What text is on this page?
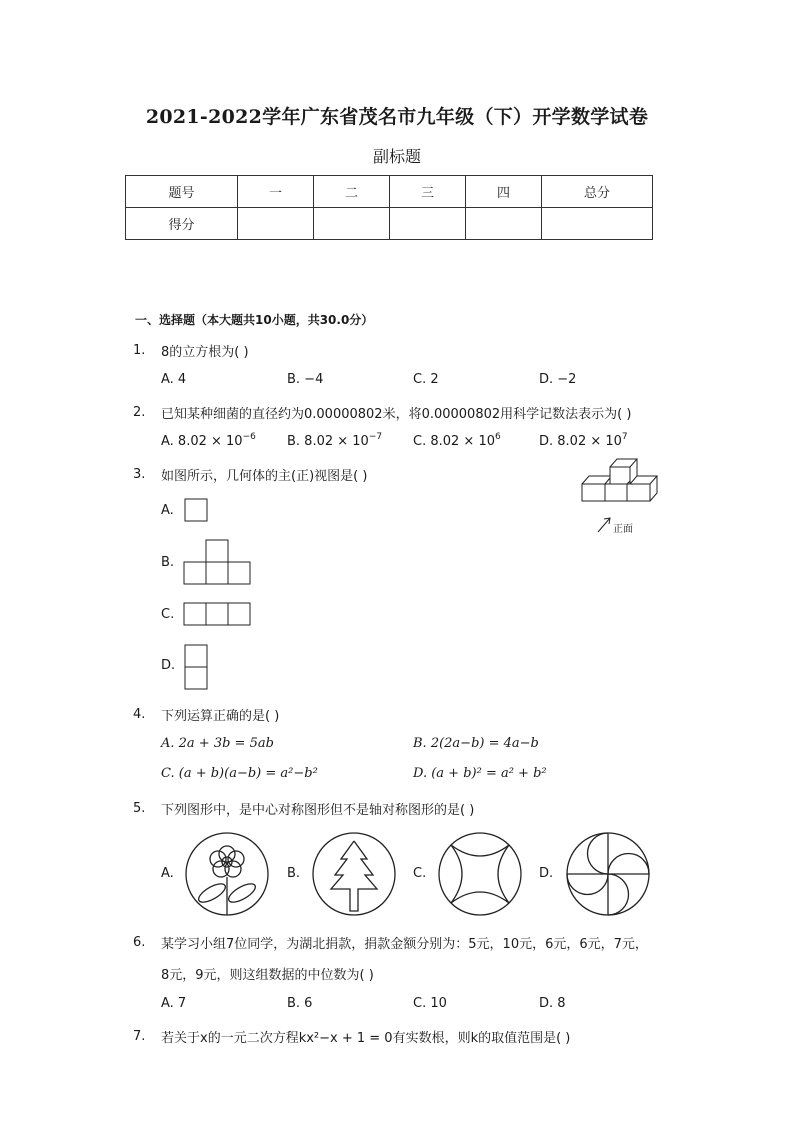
2021-2022学年广东省茂名市九年级（下）开学数学试卷
副标题
题号	一	二	三	四	总分
得分					
一、选择题（本大题共10小题，共30.0分）
1. 8的立方根为( )
A. 4	B. −4	C. 2	D. −2
2. 已知某种细菌的直径约为0.00000802米，将0.00000802用科学记数法表示为( )
A. $8.02 \times 10^{-6}$ B. $8.02 \times 10^{-7}$ C. $8.02 \times 10^6$	D. $8.02 \times 10^7$
3. 如图所示，几何体的主(正)视图是( )
正面
A.
B.
C.
D.
4. 下列运算正确的是( )
A. 2a + 3b = 5ab	B. 2(2a−b) = 4a−b
C. (a + b)(a−b) = a²−b²	D. (a + b)² = a² + b²
5. 下列图形中，是中心对称图形但不是轴对称图形的是( )
A.	B.	C.	D.
6. 某学习小组7位同学，为湖北捐款，捐款金额分别为：5元，10元，6元，6元，7元，
8元，9元，则这组数据的中位数为( )
A. 7	B. 6	C. 10	D. 8
7. 若关于x的一元二次方程kx²−x + 1 = 0有实数根，则k的取值范围是( )
